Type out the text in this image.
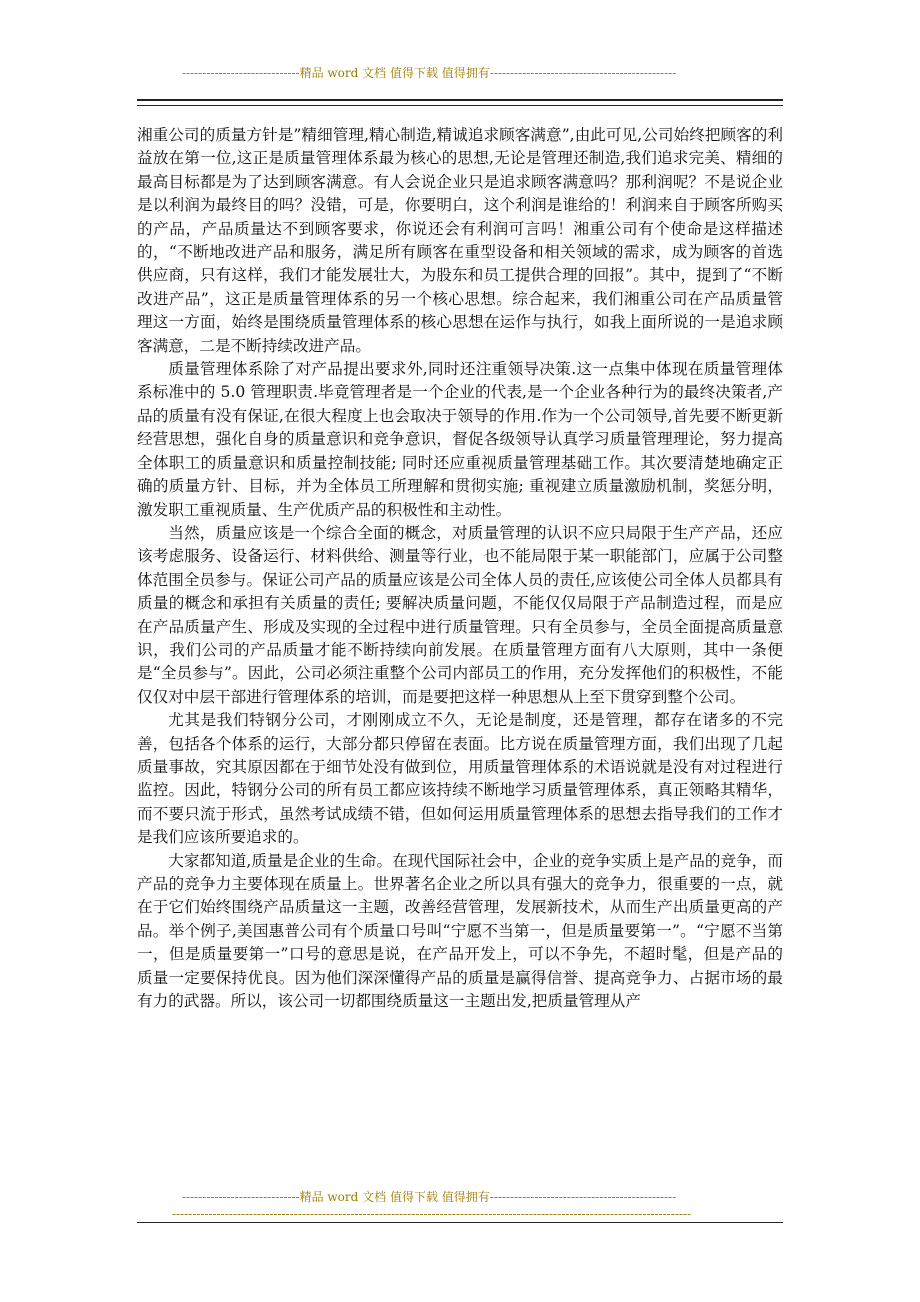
-----------------------------精品 word 文档 值得下载 值得拥有----------------------------------------------

湘重公司的质量方针是”精细管理,精心制造,精诚追求顾客满意”,由此可见,公司始终把顾客的利益放在第一位,这正是质量管理体系最为核心的思想,无论是管理还制造,我们追求完美、精细的最高目标都是为了达到顾客满意。有人会说企业只是追求顾客满意吗？那利润呢？不是说企业是以利润为最终目的吗？没错，可是，你要明白，这个利润是谁给的！利润来自于顾客所购买的产品，产品质量达不到顾客要求，你说还会有利润可言吗！湘重公司有个使命是这样描述的，“不断地改进产品和服务，满足所有顾客在重型设备和相关领域的需求，成为顾客的首选供应商，只有这样，我们才能发展壮大，为股东和员工提供合理的回报”。其中，提到了“不断改进产品”，这正是质量管理体系的另一个核心思想。综合起来，我们湘重公司在产品质量管理这一方面，始终是围绕质量管理体系的核心思想在运作与执行，如我上面所说的一是追求顾客满意，二是不断持续改进产品。

质量管理体系除了对产品提出要求外,同时还注重领导决策.这一点集中体现在质量管理体系标准中的 5.0 管理职责.毕竟管理者是一个企业的代表,是一个企业各种行为的最终决策者,产品的质量有没有保证,在很大程度上也会取决于领导的作用.作为一个公司领导,首先要不断更新经营思想，强化自身的质量意识和竞争意识，督促各级领导认真学习质量管理理论，努力提高全体职工的质量意识和质量控制技能; 同时还应重视质量管理基础工作。其次要清楚地确定正确的质量方针、目标，并为全体员工所理解和贯彻实施; 重视建立质量激励机制，奖惩分明，激发职工重视质量、生产优质产品的积极性和主动性。

当然，质量应该是一个综合全面的概念，对质量管理的认识不应只局限于生产产品，还应该考虑服务、设备运行、材料供给、测量等行业，也不能局限于某一职能部门，应属于公司整体范围全员参与。保证公司产品的质量应该是公司全体人员的责任,应该使公司全体人员都具有质量的概念和承担有关质量的责任; 要解决质量问题，不能仅仅局限于产品制造过程，而是应在产品质量产生、形成及实现的全过程中进行质量管理。只有全员参与，全员全面提高质量意识，我们公司的产品质量才能不断持续向前发展。在质量管理方面有八大原则，其中一条便是“全员参与”。因此，公司必须注重整个公司内部员工的作用，充分发挥他们的积极性，不能仅仅对中层干部进行管理体系的培训，而是要把这样一种思想从上至下贯穿到整个公司。

尤其是我们特钢分公司，才刚刚成立不久，无论是制度，还是管理，都存在诸多的不完善，包括各个体系的运行，大部分都只停留在表面。比方说在质量管理方面，我们出现了几起质量事故，究其原因都在于细节处没有做到位，用质量管理体系的术语说就是没有对过程进行监控。因此，特钢分公司的所有员工都应该持续不断地学习质量管理体系，真正领略其精华，而不要只流于形式，虽然考试成绩不错，但如何运用质量管理体系的思想去指导我们的工作才是我们应该所要追求的。

大家都知道,质量是企业的生命。在现代国际社会中，企业的竞争实质上是产品的竞争，而产品的竞争力主要体现在质量上。世界著名企业之所以具有强大的竞争力，很重要的一点，就在于它们始终围绕产品质量这一主题，改善经营管理，发展新技术，从而生产出质量更高的产品。举个例子,美国惠普公司有个质量口号叫“宁愿不当第一，但是质量要第一”。“宁愿不当第一，但是质量要第一”口号的意思是说，在产品开发上，可以不争先，不超时髦，但是产品的质量一定要保持优良。因为他们深深懂得产品的质量是赢得信誉、提高竞争力、占据市场的最有力的武器。所以，该公司一切都围绕质量这一主题出发,把质量管理从产

-----------------------------精品 word 文档 值得下载 值得拥有----------------------------------------------
--------------------------------------------------------------------------------------------------------------------------------
